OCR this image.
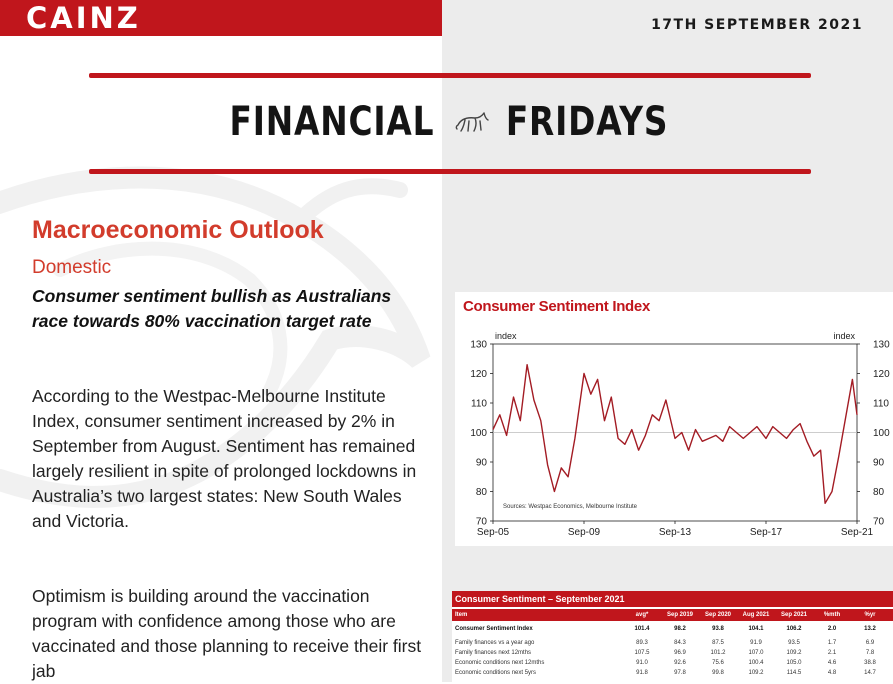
CAINZ	17TH SEPTEMBER 2021
FINANCIAL FRIDAYS
Macroeconomic Outlook
Domestic
Consumer sentiment bullish as Australians race towards 80% vaccination target rate
According to the Westpac-Melbourne Institute Index, consumer sentiment increased by 2% in September from August. Sentiment has remained largely resilient in spite of prolonged lockdowns in Australia’s two largest states: New South Wales and Victoria.
Optimism is building around the vaccination program with confidence among those who are vaccinated and those planning to receive their first jab
Consumer Sentiment Index
70	70
80	80
90	90
100	100
110	110
120	120
130	130
index	index
Sep-05	Sep-09	Sep-13	Sep-17	Sep-21
Sources: Westpac Economics, Melbourne Institute
Consumer Sentiment – September 2021
Item	avg*	Sep 2019	Sep 2020	Aug 2021	Sep 2021	%mth	%yr
Consumer Sentiment Index	101.4	98.2	93.8	104.1	106.2	2.0	13.2
Family finances vs a year ago	89.3	84.3	87.5	91.9	93.5	1.7	6.9
Family finances next 12mths	107.5	96.9	101.2	107.0	109.2	2.1	7.8
Economic conditions next 12mths	91.0	92.6	75.6	100.4	105.0	4.6	38.8
Economic conditions next 5yrs	91.8	97.8	99.8	109.2	114.5	4.8	14.7
